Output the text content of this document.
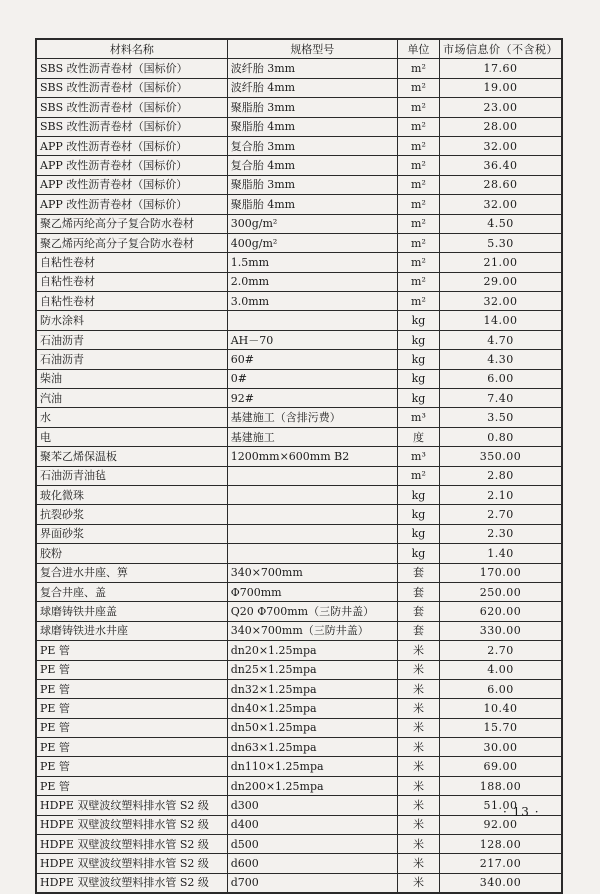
材料名称	规格型号	单位	市场信息价（不含税）
SBS 改性沥青卷材（国标价）	波纤胎 3mm	m²	17.60
SBS 改性沥青卷材（国标价）	波纤胎 4mm	m²	19.00
SBS 改性沥青卷材（国标价）	聚脂胎 3mm	m²	23.00
SBS 改性沥青卷材（国标价）	聚脂胎 4mm	m²	28.00
APP 改性沥青卷材（国标价）	复合胎 3mm	m²	32.00
APP 改性沥青卷材（国标价）	复合胎 4mm	m²	36.40
APP 改性沥青卷材（国标价）	聚脂胎 3mm	m²	28.60
APP 改性沥青卷材（国标价）	聚脂胎 4mm	m²	32.00
聚乙烯丙纶高分子复合防水卷材	300g/m²	m²	4.50
聚乙烯丙纶高分子复合防水卷材	400g/m²	m²	5.30
自粘性卷材	1.5mm	m²	21.00
自粘性卷材	2.0mm	m²	29.00
自粘性卷材	3.0mm	m²	32.00
防水涂料		kg	14.00
石油沥青	AH－70	kg	4.70
石油沥青	60#	kg	4.30
柴油	0#	kg	6.00
汽油	92#	kg	7.40
水	基建施工（含排污费）	m³	3.50
电	基建施工	度	0.80
聚苯乙烯保温板	1200mm×600mm B2	m³	350.00
石油沥青油毡		m²	2.80
玻化微珠		kg	2.10
抗裂砂浆		kg	2.70
界面砂浆		kg	2.30
胶粉		kg	1.40
复合进水井座、箅	340×700mm	套	170.00
复合井座、盖	Φ700mm	套	250.00
球磨铸铁井座盖	Q20 Φ700mm（三防井盖）	套	620.00
球磨铸铁进水井座	340×700mm（三防井盖）	套	330.00
PE 管	dn20×1.25mpa	米	2.70
PE 管	dn25×1.25mpa	米	4.00
PE 管	dn32×1.25mpa	米	6.00
PE 管	dn40×1.25mpa	米	10.40
PE 管	dn50×1.25mpa	米	15.70
PE 管	dn63×1.25mpa	米	30.00
PE 管	dn110×1.25mpa	米	69.00
PE 管	dn200×1.25mpa	米	188.00
HDPE 双壁波纹塑料排水管 S2 级	d300	米	51.00
HDPE 双壁波纹塑料排水管 S2 级	d400	米	92.00
HDPE 双壁波纹塑料排水管 S2 级	d500	米	128.00
HDPE 双壁波纹塑料排水管 S2 级	d600	米	217.00
HDPE 双壁波纹塑料排水管 S2 级	d700	米	340.00
· 13 ·
